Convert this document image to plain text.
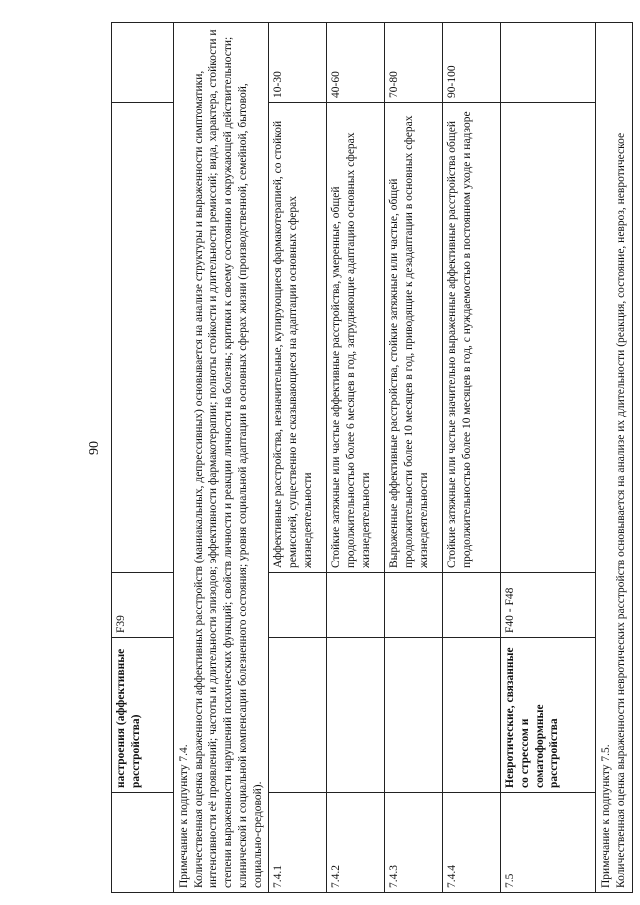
90
	настроения (аффективные расстройства)	F39		

Примечание к подпункту 7.4. Количественная оценка выраженности аффективных расстройств (маниакальных, депрессивных) основывается на анализе структуры и выраженности симптоматики, интенсивности её проявлений; частоты и длительности эпизодов; эффективности фармакотерапии; полноты стойкости и длительности ремиссий; вида, характера, стойкости и степени выраженности нарушений психических функций; свойств личности и реакции личности на болезнь; критики к своему состоянию и окружающей действительности; клинической и социальной компенсации болезненного состояния; уровня социальной адаптации в основных сферах жизни (производственной, семейной, бытовой, социально-средовой).				

7.4.1			Аффективные расстройства, незначительные, купирующиеся фармакотерапией, со стойкой ремиссией, существенно не сказывающиеся на адаптации основных сферах жизнедеятельности	10-30
7.4.2			Стойкие затяжные или частые аффективные расстройства, умеренные, общей продолжительностью более 6 месяцев в год, затрудняющие адаптацию основных сферах жизнедеятельности	40-60
7.4.3			Выраженные аффективные расстройства, стойкие затяжные или частые, общей продолжительности более 10 месяцев в год, приводящие к дезадаптации в основных сферах жизнедеятельности	70-80
7.4.4			Стойкие затяжные или частые значительно выраженные аффективные расстройства общей продолжительностью более 10 месяцев в год, с нуждаемостью в постоянном уходе и надзоре	90-100
7.5	Невротические, связанные со стрессом и соматоформные расстройства	F40 - F48		

Примечание к подпункту 7.5. Количественная оценка выраженности невротических расстройств основывается на анализе их длительности (реакция, состояние, невроз, невротическое				
